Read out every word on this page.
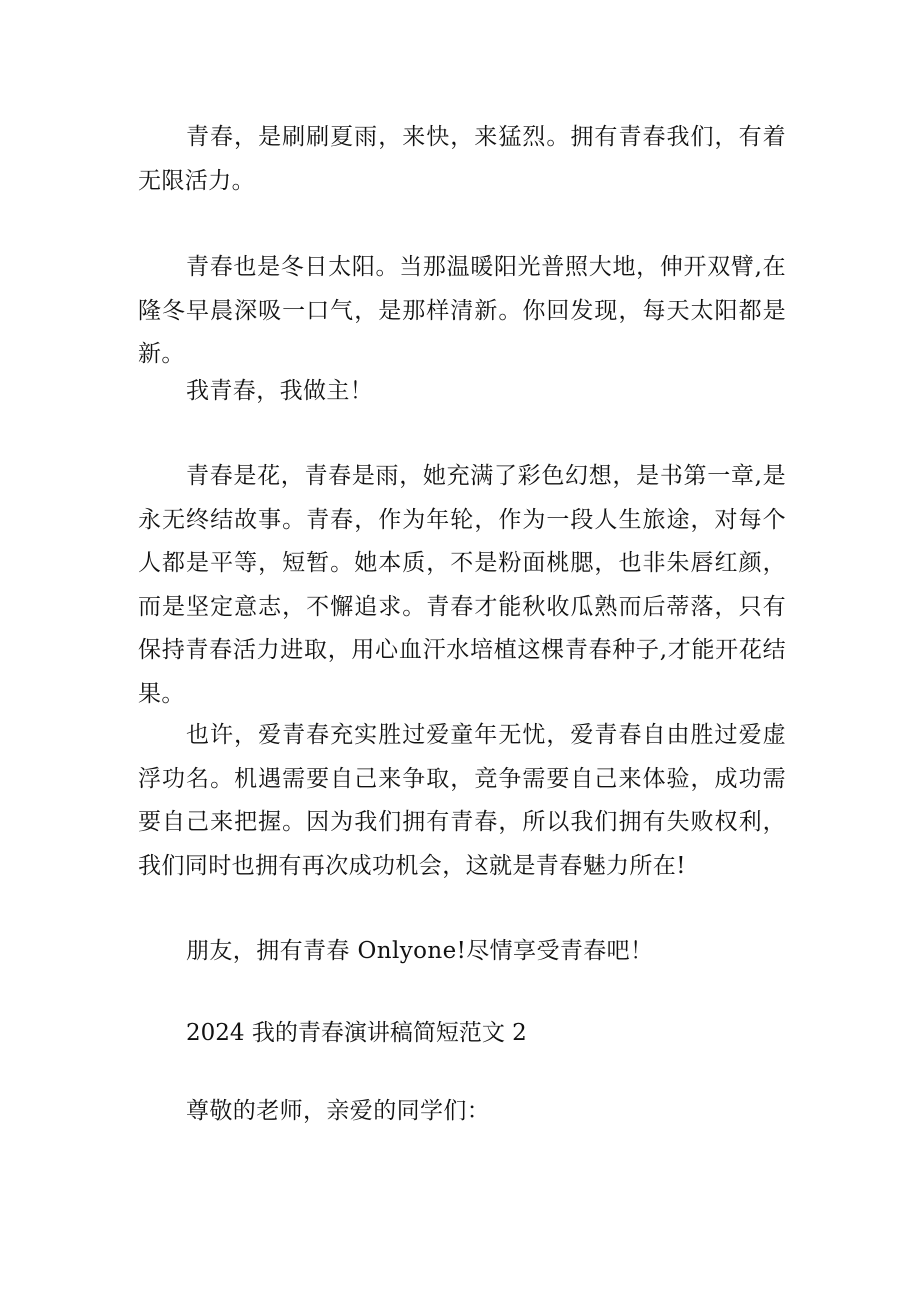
青春，是刷刷夏雨，来快，来猛烈。拥有青春我们，有着无限活力。

青春也是冬日太阳。当那温暖阳光普照大地，伸开双臂,在隆冬早晨深吸一口气，是那样清新。你回发现，每天太阳都是新。

我青春，我做主！

青春是花，青春是雨，她充满了彩色幻想，是书第一章,是永无终结故事。青春，作为年轮，作为一段人生旅途，对每个人都是平等，短暂。她本质，不是粉面桃腮，也非朱唇红颜，而是坚定意志，不懈追求。青春才能秋收瓜熟而后蒂落，只有保持青春活力进取，用心血汗水培植这棵青春种子,才能开花结果。

也许，爱青春充实胜过爱童年无忧，爱青春自由胜过爱虚浮功名。机遇需要自己来争取，竞争需要自己来体验，成功需要自己来把握。因为我们拥有青春，所以我们拥有失败权利，我们同时也拥有再次成功机会，这就是青春魅力所在!

朋友，拥有青春 Onlyone!尽情享受青春吧！

2024 我的青春演讲稿简短范文 2

尊敬的老师，亲爱的同学们：
